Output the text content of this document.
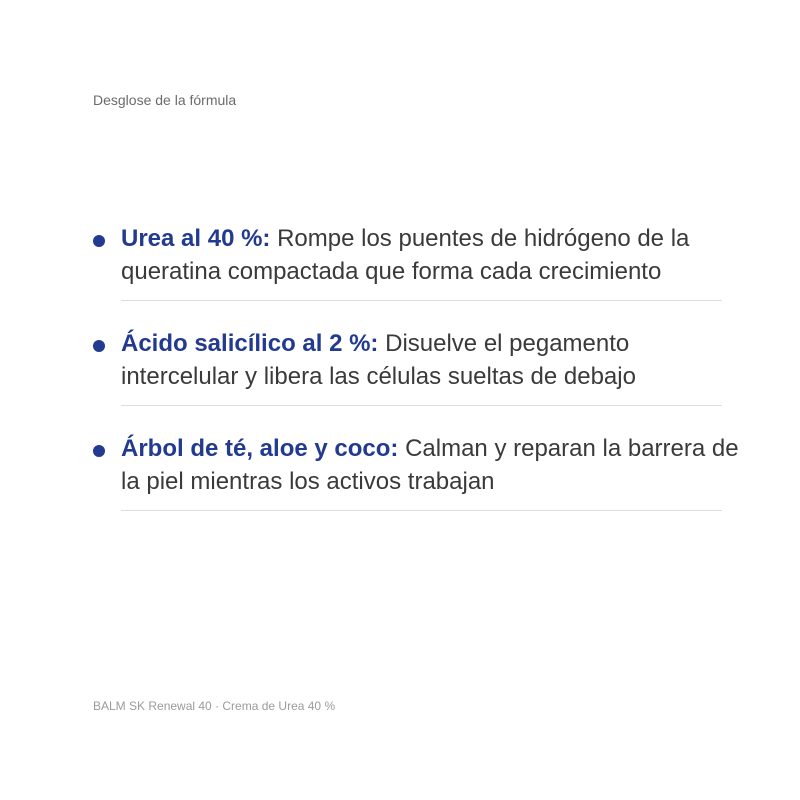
Desglose de la fórmula
Urea al 40 %: Rompe los puentes de hidrógeno de la queratina compactada que forma cada crecimiento
Ácido salicílico al 2 %: Disuelve el pegamento intercelular y libera las células sueltas de debajo
Árbol de té, aloe y coco: Calman y reparan la barrera de la piel mientras los activos trabajan
BALM SK Renewal 40 · Crema de Urea 40 %
